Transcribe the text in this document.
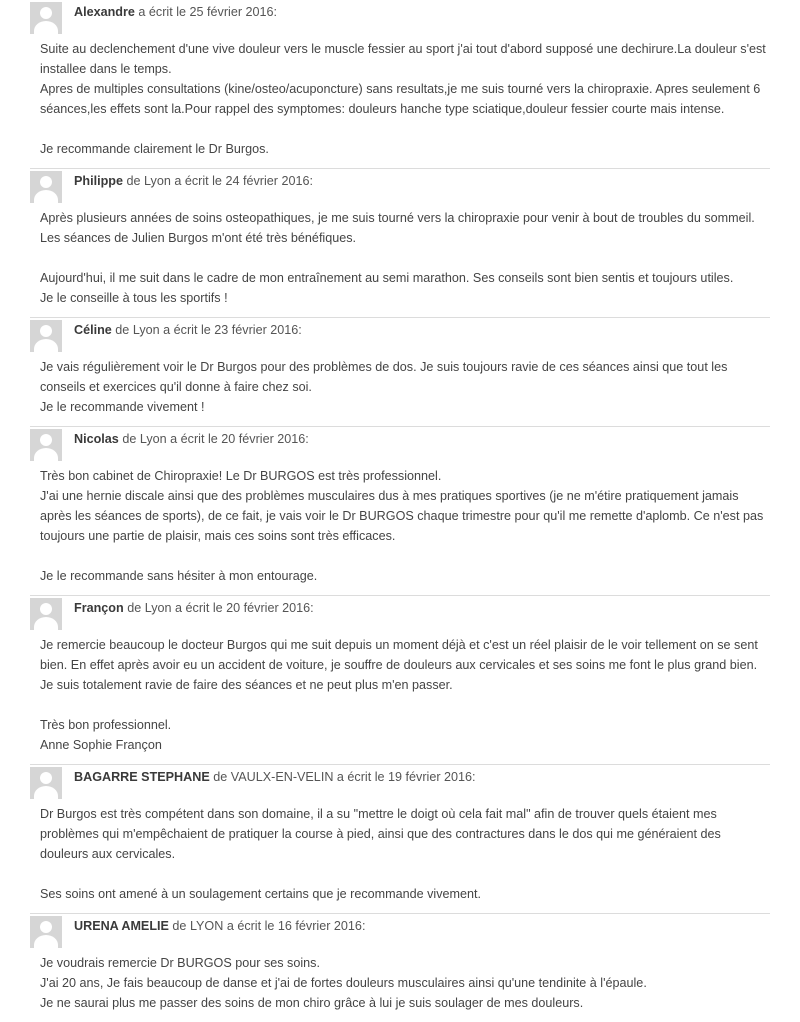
Alexandre a écrit le 25 février 2016:

Suite au declenchement d'une vive douleur vers le muscle fessier au sport j'ai tout d'abord supposé une dechirure.La douleur s'est installee dans le temps.

Apres de multiples consultations (kine/osteo/acuponcture) sans resultats,je me suis tourné vers la chiropraxie. Apres seulement 6 séances,les effets sont la.Pour rappel des symptomes: douleurs hanche type sciatique,douleur fessier courte mais intense.

Je recommande clairement le Dr Burgos.

Philippe de Lyon a écrit le 24 février 2016:

Après plusieurs années de soins osteopathiques, je me suis tourné vers la chiropraxie pour venir à bout de troubles du sommeil. Les séances de Julien Burgos m'ont été très bénéfiques.

Aujourd'hui, il me suit dans le cadre de mon entraînement au semi marathon. Ses conseils sont bien sentis et toujours utiles.

Je le conseille à tous les sportifs !

Céline de Lyon a écrit le 23 février 2016:

Je vais régulièrement voir le Dr Burgos pour des problèmes de dos. Je suis toujours ravie de ces séances ainsi que tout les conseils et exercices qu'il donne à faire chez soi.

Je le recommande vivement !

Nicolas de Lyon a écrit le 20 février 2016:

Très bon cabinet de Chiropraxie! Le Dr BURGOS est très professionnel.

J'ai une hernie discale ainsi que des problèmes musculaires dus à mes pratiques sportives (je ne m'étire pratiquement jamais après les séances de sports), de ce fait, je vais voir le Dr BURGOS chaque trimestre pour qu'il me remette d'aplomb. Ce n'est pas toujours une partie de plaisir, mais ces soins sont très efficaces.

Je le recommande sans hésiter à mon entourage.

Françon de Lyon a écrit le 20 février 2016:

Je remercie beaucoup le docteur Burgos qui me suit depuis un moment déjà et c'est un réel plaisir de le voir tellement on se sent bien. En effet après avoir eu un accident de voiture, je souffre de douleurs aux cervicales et ses soins me font le plus grand bien.

Je suis totalement ravie de faire des séances et ne peut plus m'en passer.

Très bon professionnel.

Anne Sophie Françon

BAGARRE STEPHANE de VAULX-EN-VELIN a écrit le 19 février 2016:

Dr Burgos est très compétent dans son domaine, il a su "mettre le doigt où cela fait mal" afin de trouver quels étaient mes problèmes qui m'empêchaient de pratiquer la course à pied, ainsi que des contractures dans le dos qui me généraient des douleurs aux cervicales.

Ses soins ont amené à un soulagement certains que je recommande vivement.

URENA AMELIE de LYON a écrit le 16 février 2016:

Je voudrais remercie Dr BURGOS pour ses soins.

J'ai 20 ans, Je fais beaucoup de danse et j'ai de fortes douleurs musculaires ainsi qu'une tendinite à l'épaule.

Je ne saurai plus me passer des soins de mon chiro grâce à lui je suis soulager de mes douleurs.
